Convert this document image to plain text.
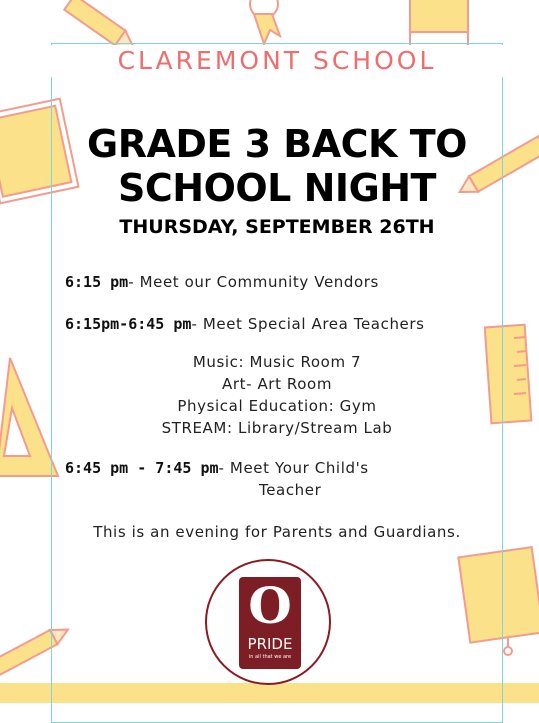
CLAREMONT SCHOOL
GRADE 3 BACK TO
SCHOOL NIGHT
THURSDAY, SEPTEMBER 26TH
6:15 pm- Meet our Community Vendors
6:15pm-6:45 pm- Meet Special Area Teachers
Music: Music Room 7
Art- Art Room
Physical Education: Gym
STREAM: Library/Stream Lab
6:45 pm - 7:45 pm- Meet Your Child's
Teacher
This is an evening for Parents and Guardians.
O
PRIDE
in all that we are
